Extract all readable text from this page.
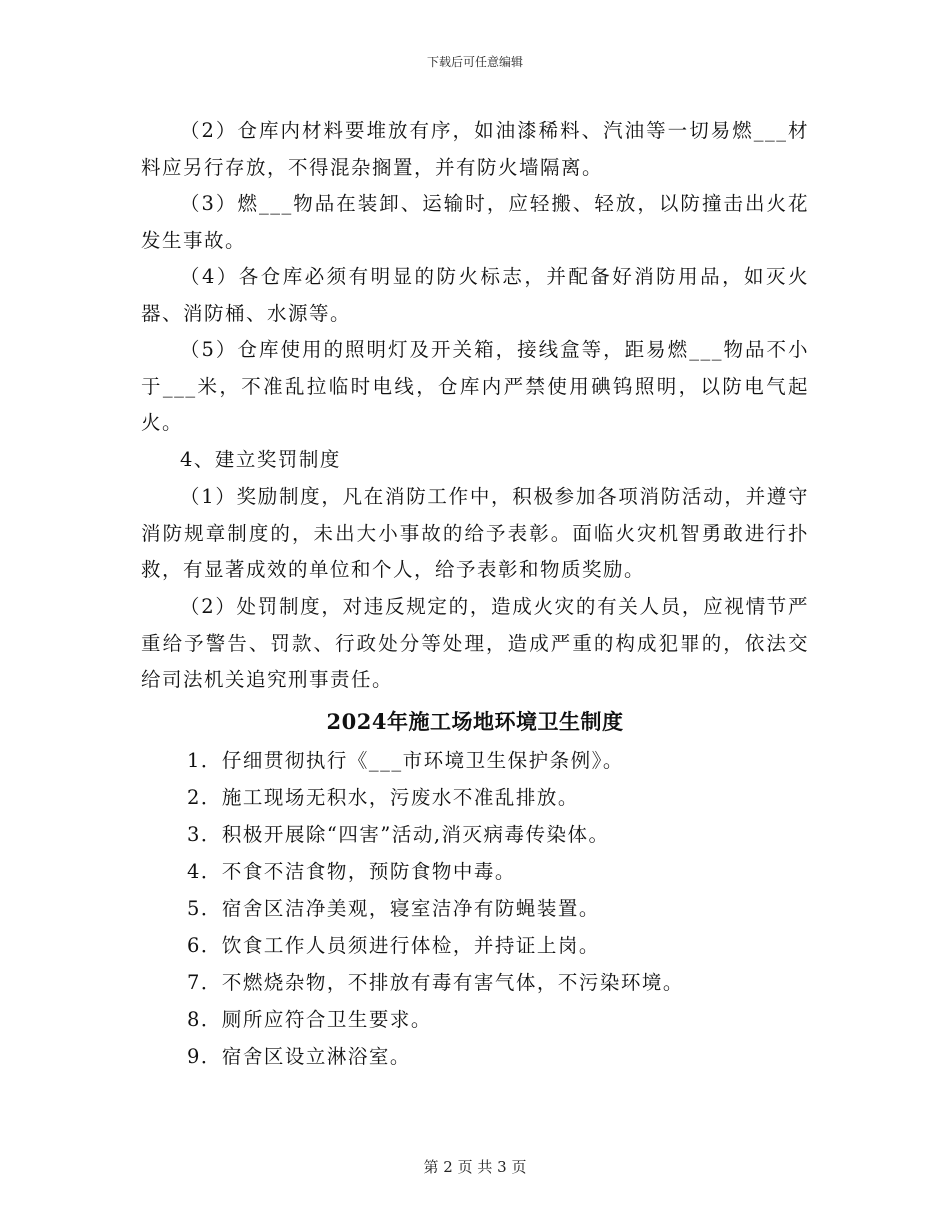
下载后可任意编辑

（2）仓库内材料要堆放有序，如油漆稀料、汽油等一切易燃___材料应另行存放，不得混杂搁置，并有防火墙隔离。

（3）燃___物品在装卸、运输时，应轻搬、轻放，以防撞击出火花发生事故。

（4）各仓库必须有明显的防火标志，并配备好消防用品，如灭火器、消防桶、水源等。

（5）仓库使用的照明灯及开关箱，接线盒等，距易燃___物品不小于___米，不准乱拉临时电线，仓库内严禁使用碘钨照明，以防电气起火。

4、建立奖罚制度

（1）奖励制度，凡在消防工作中，积极参加各项消防活动，并遵守消防规章制度的，未出大小事故的给予表彰。面临火灾机智勇敢进行扑救，有显著成效的单位和个人，给予表彰和物质奖励。

（2）处罚制度，对违反规定的，造成火灾的有关人员，应视情节严重给予警告、罚款、行政处分等处理，造成严重的构成犯罪的，依法交给司法机关追究刑事责任。

2024年施工场地环境卫生制度
1．仔细贯彻执行《___市环境卫生保护条例》。
2．施工现场无积水，污废水不准乱排放。
3．积极开展除“四害”活动,消灭病毒传染体。
4．不食不洁食物，预防食物中毒。
5．宿舍区洁净美观，寝室洁净有防蝇装置。
6．饮食工作人员须进行体检，并持证上岗。
7．不燃烧杂物，不排放有毒有害气体，不污染环境。
8．厕所应符合卫生要求。
9．宿舍区设立淋浴室。
第 2 页 共 3 页
